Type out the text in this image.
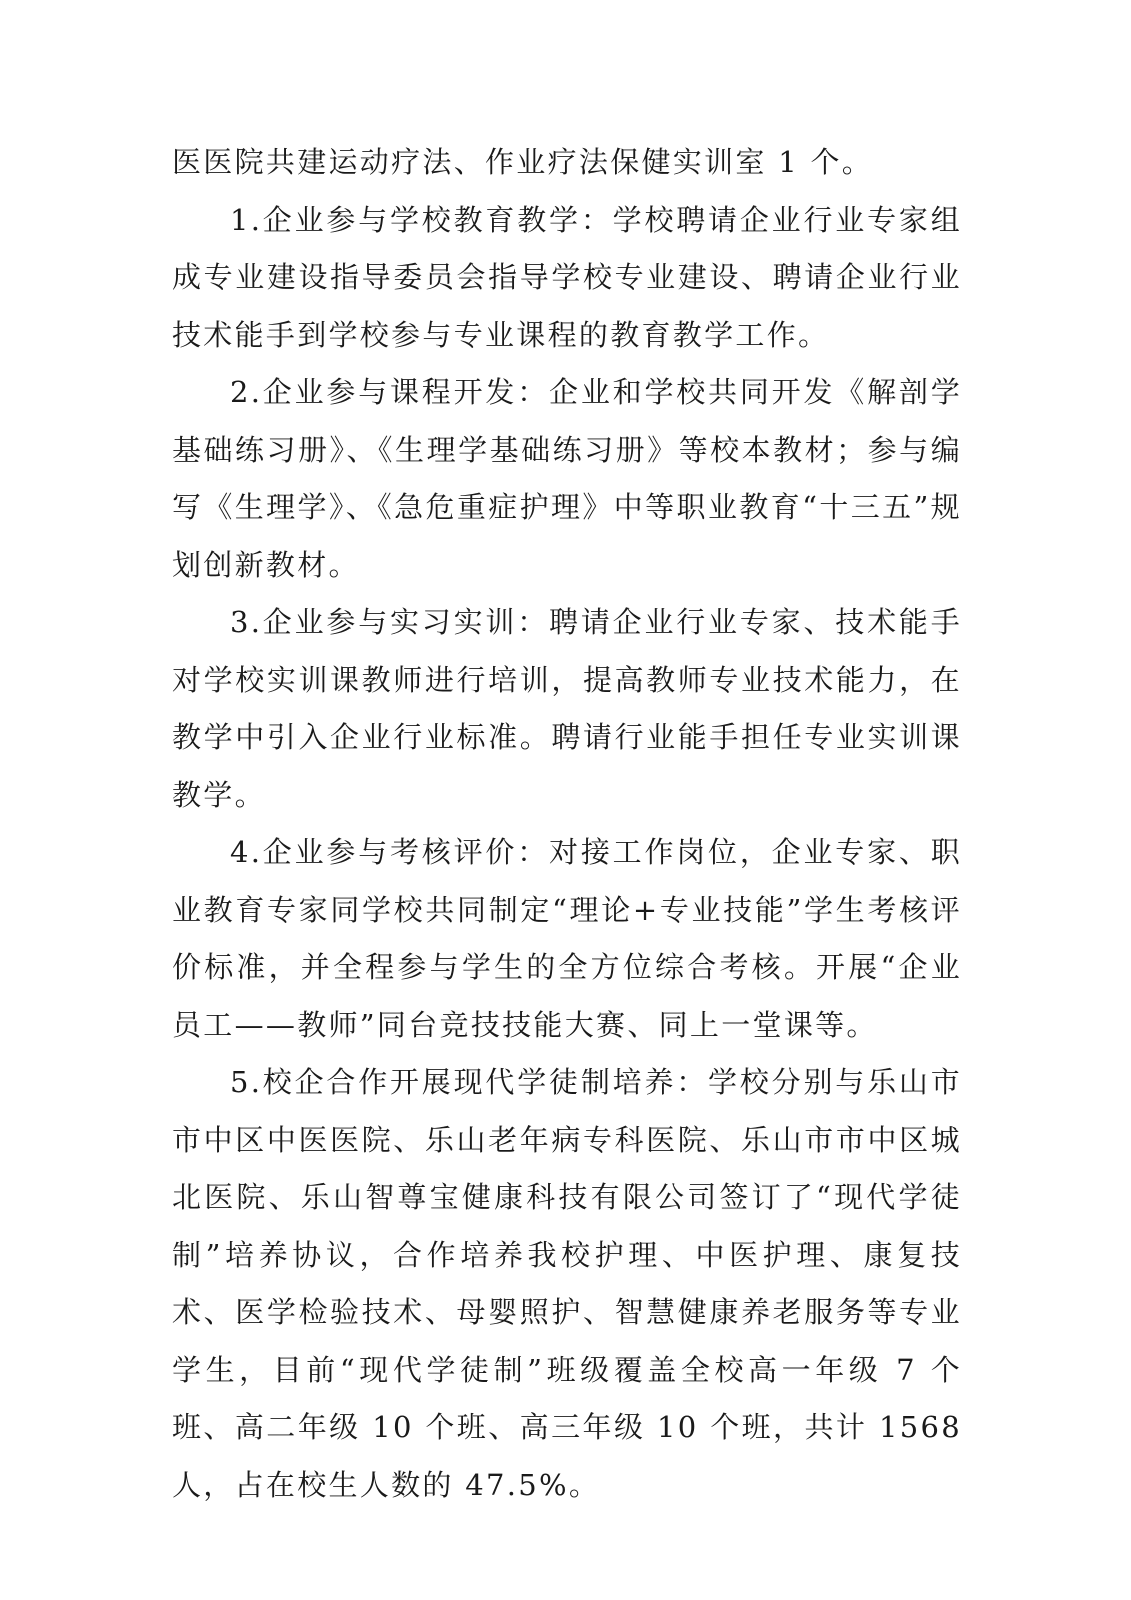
医医院共建运动疗法、作业疗法保健实训室 1 个。

1.企业参与学校教育教学：学校聘请企业行业专家组成专业建设指导委员会指导学校专业建设、聘请企业行业技术能手到学校参与专业课程的教育教学工作。

2.企业参与课程开发：企业和学校共同开发《解剖学基础练习册》、《生理学基础练习册》等校本教材；参与编写《生理学》、《急危重症护理》中等职业教育“十三五”规划创新教材。

3.企业参与实习实训：聘请企业行业专家、技术能手对学校实训课教师进行培训，提高教师专业技术能力，在教学中引入企业行业标准。聘请行业能手担任专业实训课教学。

4.企业参与考核评价：对接工作岗位，企业专家、职业教育专家同学校共同制定“理论+专业技能”学生考核评价标准，并全程参与学生的全方位综合考核。开展“企业员工——教师”同台竞技技能大赛、同上一堂课等。

5.校企合作开展现代学徒制培养：学校分别与乐山市市中区中医医院、乐山老年病专科医院、乐山市市中区城北医院、乐山智尊宝健康科技有限公司签订了“现代学徒制”培养协议，合作培养我校护理、中医护理、康复技术、医学检验技术、母婴照护、智慧健康养老服务等专业学生，目前“现代学徒制”班级覆盖全校高一年级 7 个班、高二年级 10 个班、高三年级 10 个班，共计 1568 人，占在校生人数的 47.5%。
